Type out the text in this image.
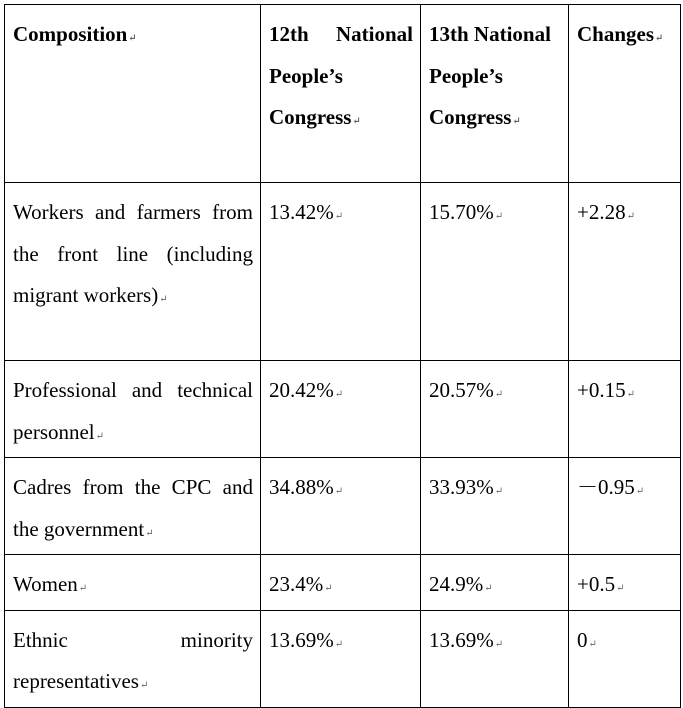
Composition↵	12th National People’s Congress↵	13th National People’s Congress↵	Changes↵
Workers and farmers from the front line (including migrant workers)↵	13.42%↵	15.70%↵	+2.28↵
Professional and technical personnel↵	20.42%↵	20.57%↵	+0.15↵
Cadres from the CPC and the government↵	34.88%↵	33.93%↵	－0.95↵
Women↵	23.4%↵	24.9%↵	+0.5↵
Ethnic minority representatives↵	13.69%↵	13.69%↵	0↵
